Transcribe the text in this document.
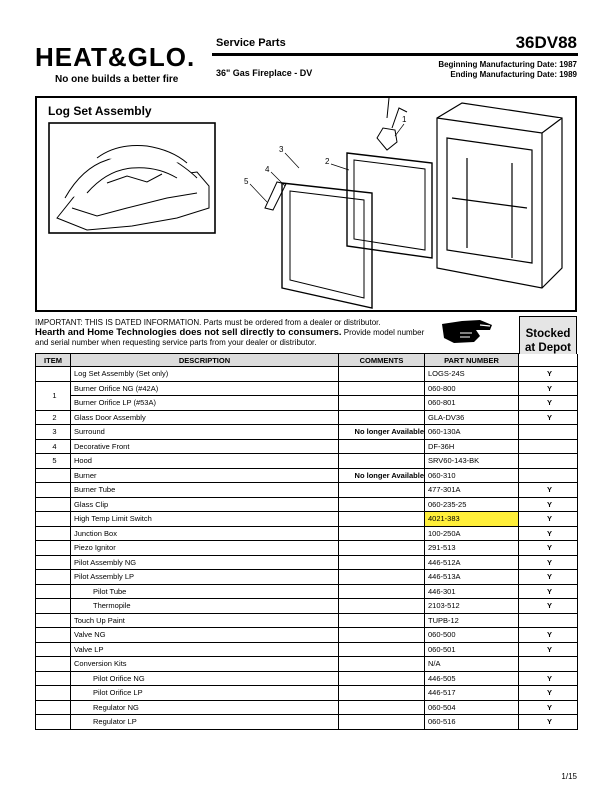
HEAT&GLO.
No one builds a better fire
Service Parts	36DV88
36" Gas Fireplace - DV
Beginning Manufacturing Date: 1987
Ending Manufacturing Date: 1989
Log Set Assembly
1
2
3
4
5
IMPORTANT: THIS IS DATED INFORMATION. Parts must be ordered from a dealer or distributor.
Hearth and Home Technologies does not sell directly to consumers. Provide model number and serial number when requesting service parts from your dealer or distributor.
Stocked at Depot
ITEM	DESCRIPTION	COMMENTS	PART NUMBER	
	Log Set Assembly (Set only)		LOGS-24S	Y
1	Burner Orifice NG (#42A)		060-800	Y
	Burner Orifice LP (#53A)		060-801	Y
2	Glass Door Assembly		GLA-DV36	Y
3	Surround	No longer Available	060-130A	
4	Decorative Front		DF-36H	
5	Hood		SRV60-143-BK	
	Burner	No longer Available	060-310	
	Burner Tube		477-301A	Y
	Glass Clip		060-235-25	Y
	High Temp Limit Switch		4021-383	Y
	Junction Box		100-250A	Y
	Piezo Ignitor		291-513	Y
	Pilot Assembly NG		446-512A	Y
	Pilot Assembly LP		446-513A	Y
	Pilot Tube		446-301	Y
	Thermopile		2103-512	Y
	Touch Up Paint		TUPB-12	
	Valve NG		060-500	Y
	Valve LP		060-501	Y
	Conversion Kits		N/A	
	Pilot Orifice NG		446-505	Y
	Pilot Orifice LP		446-517	Y
	Regulator NG		060-504	Y
	Regulator LP		060-516	Y
1/15
